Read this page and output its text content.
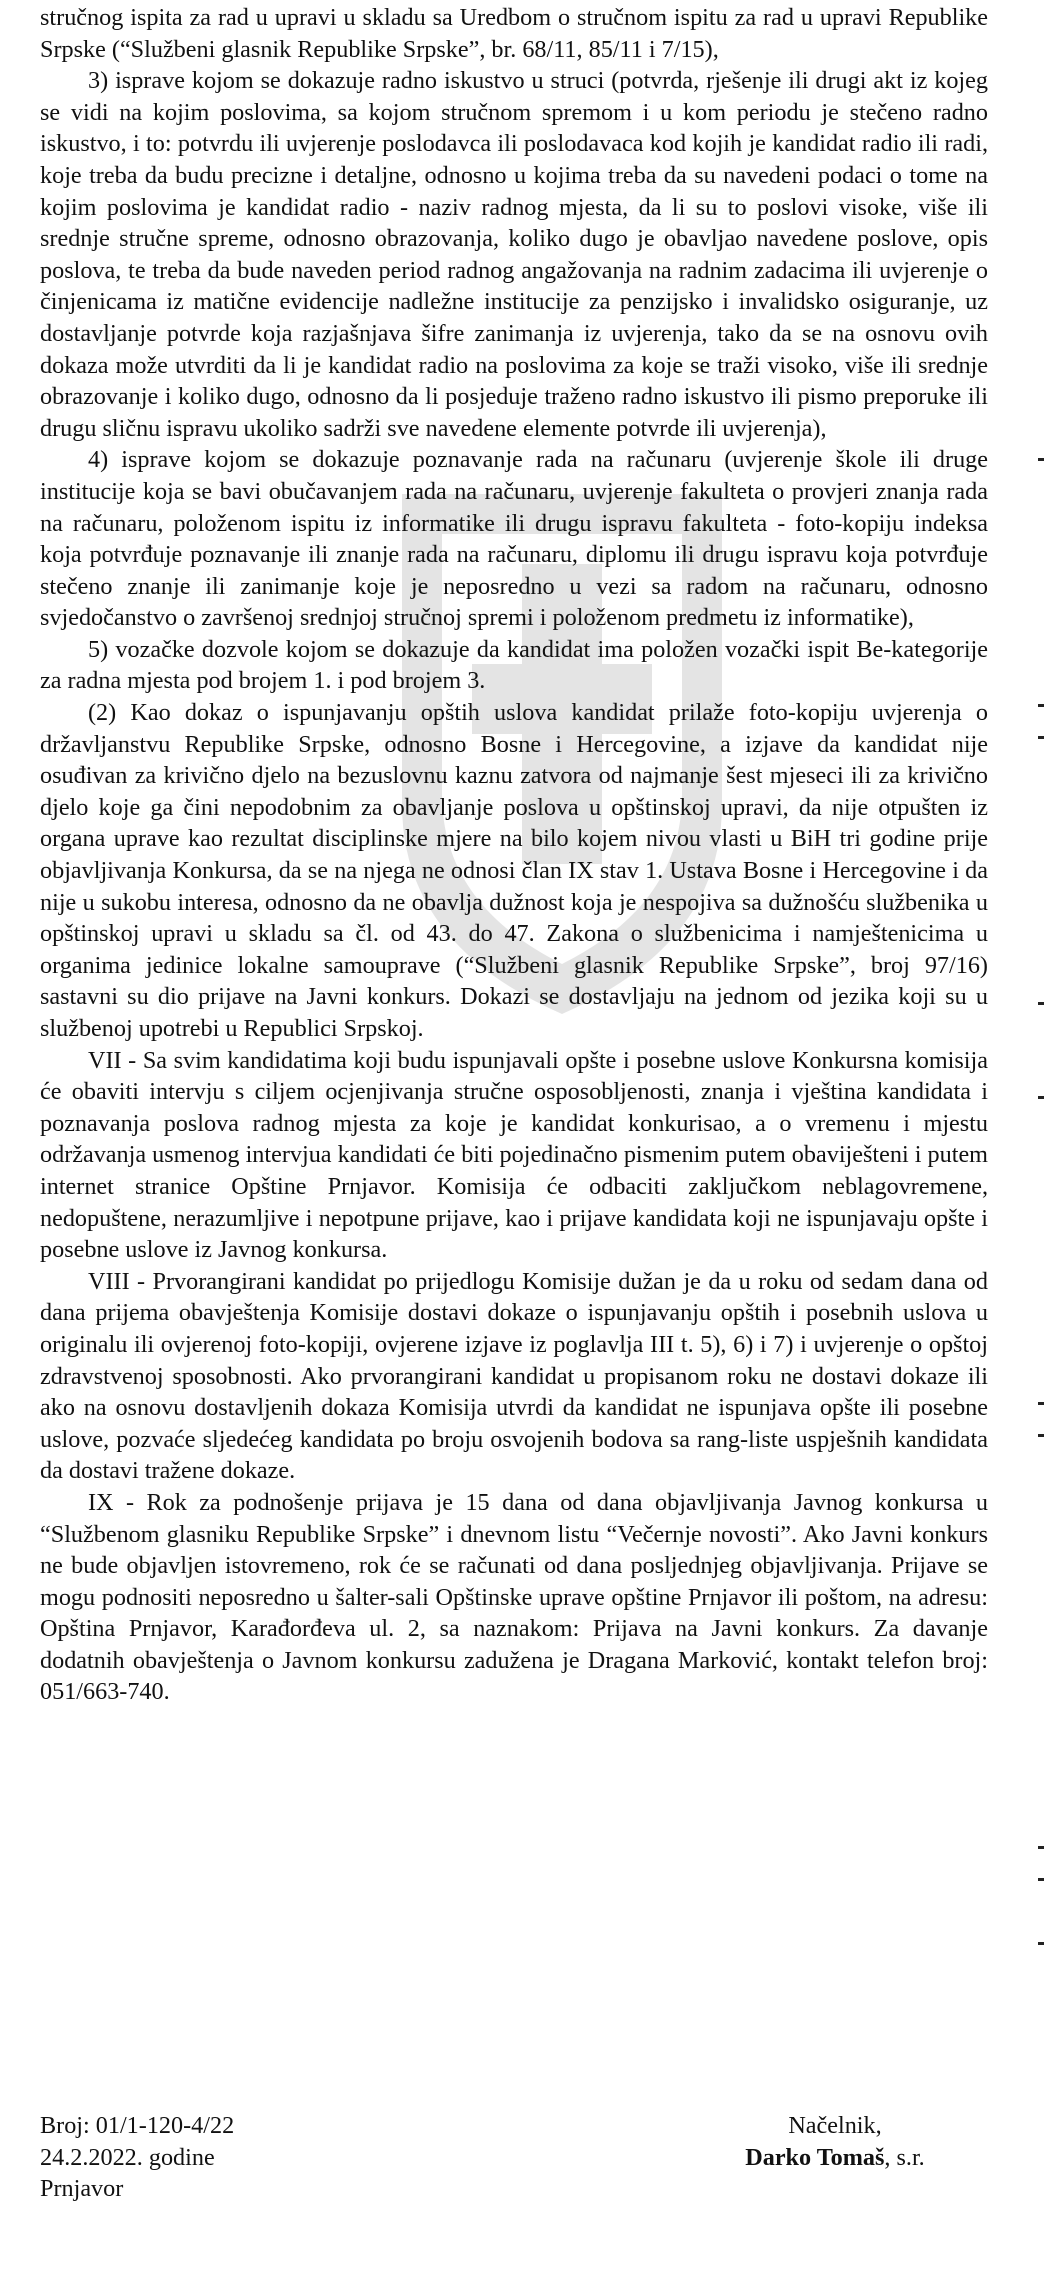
stručnog ispita za rad u upravi u skladu sa Uredbom o stručnom ispitu za rad u upravi Republike Srpske (“Službeni glasnik Republike Srpske”, br. 68/11, 85/11 i 7/15),

3) isprave kojom se dokazuje radno iskustvo u struci (potvrda, rješenje ili drugi akt iz kojeg se vidi na kojim poslovima, sa kojom stručnom spremom i u kom periodu je stečeno radno iskustvo, i to: potvrdu ili uvjerenje poslodavca ili poslodavaca kod kojih je kandidat radio ili radi, koje treba da budu precizne i detaljne, odnosno u kojima treba da su navedeni podaci o tome na kojim poslovima je kandidat radio - naziv radnog mjesta, da li su to poslovi visoke, više ili srednje stručne spreme, odnosno obrazovanja, koliko dugo je obavljao navedene poslove, opis poslova, te treba da bude naveden period radnog angažovanja na radnim zadacima ili uvjerenje o činjenicama iz matične evidencije nadležne institucije za penzijsko i invalidsko osiguranje, uz dostavljanje potvrde koja razjašnjava šifre zanimanja iz uvjerenja, tako da se na osnovu ovih dokaza može utvrditi da li je kandidat radio na poslovima za koje se traži visoko, više ili srednje obrazovanje i koliko dugo, odnosno da li posjeduje traženo radno iskustvo ili pismo preporuke ili drugu sličnu ispravu ukoliko sadrži sve navedene elemente potvrde ili uvjerenja),

4) isprave kojom se dokazuje poznavanje rada na računaru (uvjerenje škole ili druge institucije koja se bavi obučavanjem rada na računaru, uvjerenje fakulteta o provjeri znanja rada na računaru, položenom ispitu iz informatike ili drugu ispravu fakulteta - foto-kopiju indeksa koja potvrđuje poznavanje ili znanje rada na računaru, diplomu ili drugu ispravu koja potvrđuje stečeno znanje ili zanimanje koje je neposredno u vezi sa radom na računaru, odnosno svjedočanstvo o završenoj srednjoj stručnoj spremi i položenom predmetu iz informatike),

5) vozačke dozvole kojom se dokazuje da kandidat ima položen vozački ispit Be-kategorije za radna mjesta pod brojem 1. i pod brojem 3.

(2) Kao dokaz o ispunjavanju opštih uslova kandidat prilaže foto-kopiju uvjerenja o državljanstvu Republike Srpske, odnosno Bosne i Hercegovine, a izjave da kandidat nije osuđivan za krivično djelo na bezuslovnu kaznu zatvora od najmanje šest mjeseci ili za krivično djelo koje ga čini nepodobnim za obavljanje poslova u opštinskoj upravi, da nije otpušten iz organa uprave kao rezultat disciplinske mjere na bilo kojem nivou vlasti u BiH tri godine prije objavljivanja Konkursa, da se na njega ne odnosi član IX stav 1. Ustava Bosne i Hercegovine i da nije u sukobu interesa, odnosno da ne obavlja dužnost koja je nespojiva sa dužnošću službenika u opštinskoj upravi u skladu sa čl. od 43. do 47. Zakona o službenicima i namještenicima u organima jedinice lokalne samouprave (“Službeni glasnik Republike Srpske”, broj 97/16) sastavni su dio prijave na Javni konkurs. Dokazi se dostavljaju na jednom od jezika koji su u službenoj upotrebi u Republici Srpskoj.

VII - Sa svim kandidatima koji budu ispunjavali opšte i posebne uslove Konkursna komisija će obaviti intervju s ciljem ocjenjivanja stručne osposobljenosti, znanja i vještina kandidata i poznavanja poslova radnog mjesta za koje je kandidat konkurisao, a o vremenu i mjestu održavanja usmenog intervjua kandidati će biti pojedinačno pismenim putem obaviješteni i putem internet stranice Opštine Prnjavor. Komisija će odbaciti zaključkom neblagovremene, nedopuštene, nerazumljive i nepotpune prijave, kao i prijave kandidata koji ne ispunjavaju opšte i posebne uslove iz Javnog konkursa.

VIII - Prvorangirani kandidat po prijedlogu Komisije dužan je da u roku od sedam dana od dana prijema obavještenja Komisije dostavi dokaze o ispunjavanju opštih i posebnih uslova u originalu ili ovjerenoj foto-kopiji, ovjerene izjave iz poglavlja III t. 5), 6) i 7) i uvjerenje o opštoj zdravstvenoj sposobnosti. Ako prvorangirani kandidat u propisanom roku ne dostavi dokaze ili ako na osnovu dostavljenih dokaza Komisija utvrdi da kandidat ne ispunjava opšte ili posebne uslove, pozvaće sljedećeg kandidata po broju osvojenih bodova sa rang-liste uspješnih kandidata da dostavi tražene dokaze.

IX - Rok za podnošenje prijava je 15 dana od dana objavljivanja Javnog konkursa u “Službenom glasniku Republike Srpske” i dnevnom listu “Večernje novosti”. Ako Javni konkurs ne bude objavljen istovremeno, rok će se računati od dana posljednjeg objavljivanja. Prijave se mogu podnositi neposredno u šalter-sali Opštinske uprave opštine Prnjavor ili poštom, na adresu: Opština Prnjavor, Karađorđeva ul. 2, sa naznakom: Prijava na Javni konkurs. Za davanje dodatnih obavještenja o Javnom konkursu zadužena je Dragana Marković, kontakt telefon broj: 051/663-740.

Broj: 01/1-120-4/22
24.2.2022. godine
Prnjavor
Načelnik,
Darko Tomaš, s.r.
